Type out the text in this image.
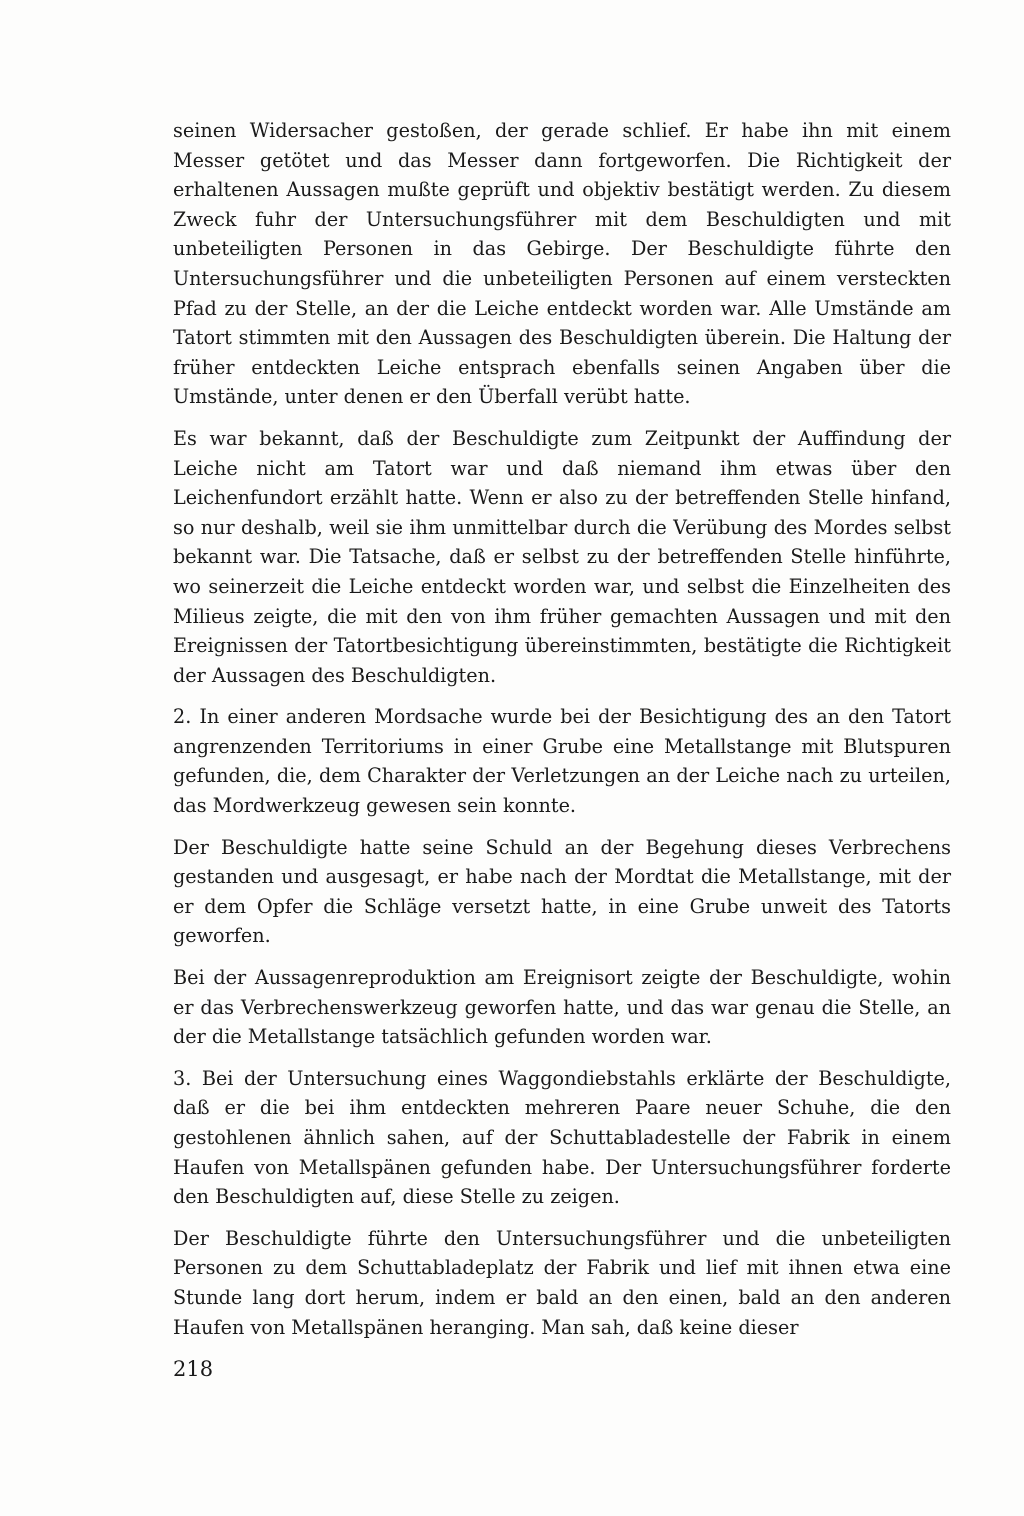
seinen Widersacher gestoßen, der gerade schlief. Er habe ihn mit einem Messer getötet und das Messer dann fortgeworfen. Die Richtigkeit der erhaltenen Aussagen mußte geprüft und objektiv bestätigt werden. Zu diesem Zweck fuhr der Untersuchungsführer mit dem Beschuldigten und mit unbeteiligten Personen in das Gebirge. Der Beschuldigte führte den Untersuchungsführer und die unbeteiligten Personen auf einem versteckten Pfad zu der Stelle, an der die Leiche entdeckt worden war. Alle Umstände am Tatort stimmten mit den Aussagen des Beschuldigten überein. Die Haltung der früher entdeckten Leiche entsprach ebenfalls seinen Angaben über die Umstände, unter denen er den Überfall verübt hatte.

Es war bekannt, daß der Beschuldigte zum Zeitpunkt der Auffindung der Leiche nicht am Tatort war und daß niemand ihm etwas über den Leichenfundort erzählt hatte. Wenn er also zu der betreffenden Stelle hinfand, so nur deshalb, weil sie ihm unmittelbar durch die Verübung des Mordes selbst bekannt war. Die Tatsache, daß er selbst zu der betreffenden Stelle hinführte, wo seinerzeit die Leiche entdeckt worden war, und selbst die Einzelheiten des Milieus zeigte, die mit den von ihm früher gemachten Aussagen und mit den Ereignissen der Tatortbesichtigung übereinstimmten, bestätigte die Richtigkeit der Aussagen des Beschuldigten.

2. In einer anderen Mordsache wurde bei der Besichtigung des an den Tatort angrenzenden Territoriums in einer Grube eine Metallstange mit Blutspuren gefunden, die, dem Charakter der Verletzungen an der Leiche nach zu urteilen, das Mordwerkzeug gewesen sein konnte.

Der Beschuldigte hatte seine Schuld an der Begehung dieses Verbrechens gestanden und ausgesagt, er habe nach der Mordtat die Metallstange, mit der er dem Opfer die Schläge versetzt hatte, in eine Grube unweit des Tatorts geworfen.

Bei der Aussagenreproduktion am Ereignisort zeigte der Beschuldigte, wohin er das Verbrechenswerkzeug geworfen hatte, und das war genau die Stelle, an der die Metallstange tatsächlich gefunden worden war.

3. Bei der Untersuchung eines Waggondiebstahls erklärte der Beschuldigte, daß er die bei ihm entdeckten mehreren Paare neuer Schuhe, die den gestohlenen ähnlich sahen, auf der Schuttabladestelle der Fabrik in einem Haufen von Metallspänen gefunden habe. Der Untersuchungsführer forderte den Beschuldigten auf, diese Stelle zu zeigen.

Der Beschuldigte führte den Untersuchungsführer und die unbeteiligten Personen zu dem Schuttabladeplatz der Fabrik und lief mit ihnen etwa eine Stunde lang dort herum, indem er bald an den einen, bald an den anderen Haufen von Metallspänen heranging. Man sah, daß keine dieser

218
